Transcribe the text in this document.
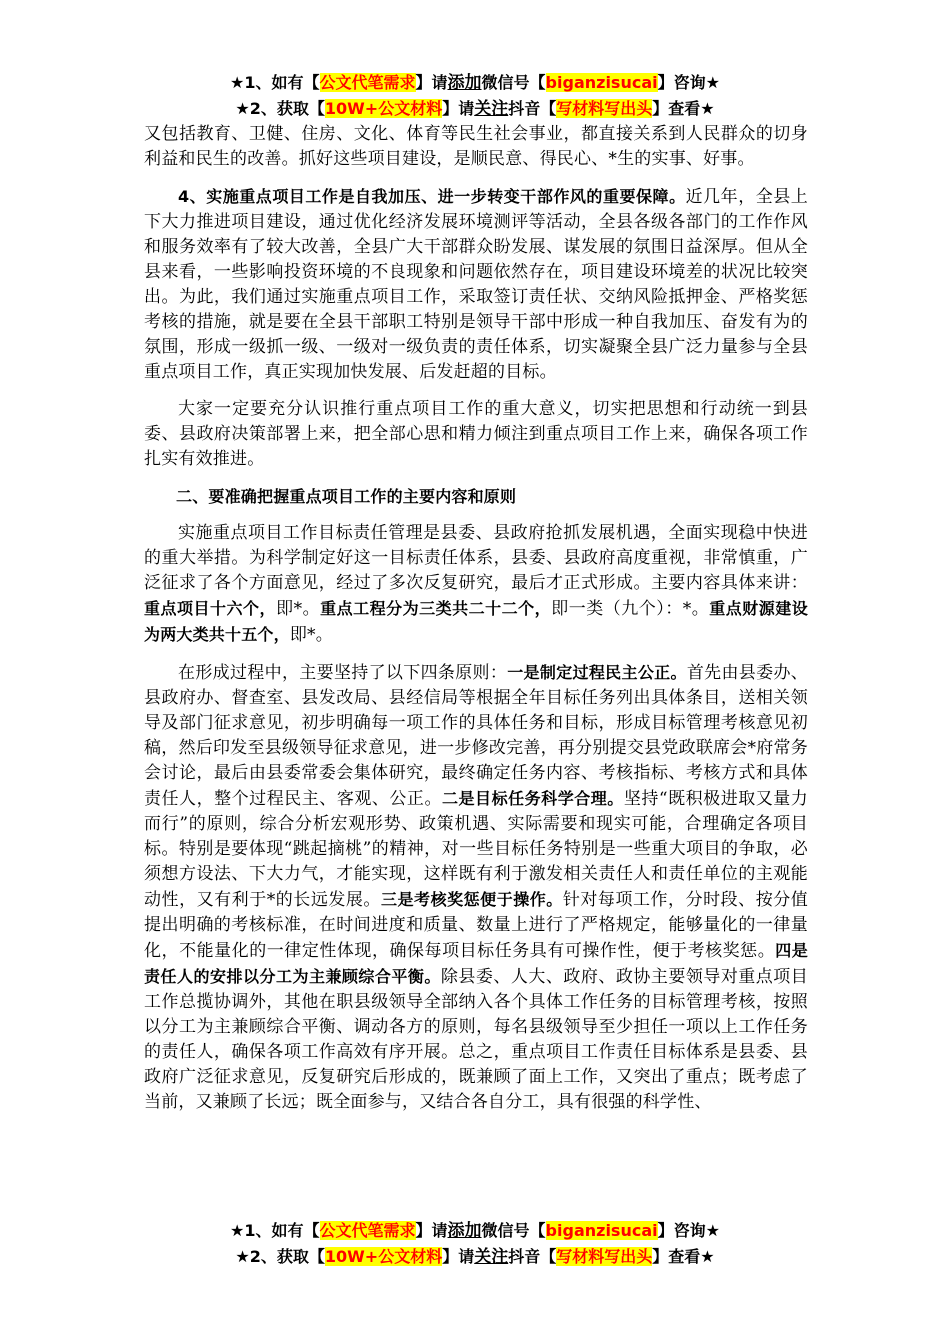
★1、如有【公文代笔需求】请添加微信号【biganzisucai】咨询★
★2、获取【10W+公文材料】请关注抖音【写材料写出头】查看★

又包括教育、卫健、住房、文化、体育等民生社会事业，都直接关系到人民群众的切身利益和民生的改善。抓好这些项目建设，是顺民意、得民心、*生的实事、好事。

4、实施重点项目工作是自我加压、进一步转变干部作风的重要保障。近几年，全县上下大力推进项目建设，通过优化经济发展环境测评等活动，全县各级各部门的工作作风和服务效率有了较大改善，全县广大干部群众盼发展、谋发展的氛围日益深厚。但从全县来看，一些影响投资环境的不良现象和问题依然存在，项目建设环境差的状况比较突出。为此，我们通过实施重点项目工作，采取签订责任状、交纳风险抵押金、严格奖惩考核的措施，就是要在全县干部职工特别是领导干部中形成一种自我加压、奋发有为的氛围，形成一级抓一级、一级对一级负责的责任体系，切实凝聚全县广泛力量参与全县重点项目工作，真正实现加快发展、后发赶超的目标。

大家一定要充分认识推行重点项目工作的重大意义，切实把思想和行动统一到县委、县政府决策部署上来，把全部心思和精力倾注到重点项目工作上来，确保各项工作扎实有效推进。

二、要准确把握重点项目工作的主要内容和原则

实施重点项目工作目标责任管理是县委、县政府抢抓发展机遇，全面实现稳中快进的重大举措。为科学制定好这一目标责任体系，县委、县政府高度重视，非常慎重，广泛征求了各个方面意见，经过了多次反复研究，最后才正式形成。主要内容具体来讲：重点项目十六个，即*。重点工程分为三类共二十二个，即一类（九个）：*。重点财源建设为两大类共十五个，即*。

在形成过程中，主要坚持了以下四条原则：一是制定过程民主公正。首先由县委办、县政府办、督查室、县发改局、县经信局等根据全年目标任务列出具体条目，送相关领导及部门征求意见，初步明确每一项工作的具体任务和目标，形成目标管理考核意见初稿，然后印发至县级领导征求意见，进一步修改完善，再分别提交县党政联席会*府常务会讨论，最后由县委常委会集体研究，最终确定任务内容、考核指标、考核方式和具体责任人，整个过程民主、客观、公正。二是目标任务科学合理。坚持“既积极进取又量力而行”的原则，综合分析宏观形势、政策机遇、实际需要和现实可能，合理确定各项目标。特别是要体现“跳起摘桃”的精神，对一些目标任务特别是一些重大项目的争取，必须想方设法、下大力气，才能实现，这样既有利于激发相关责任人和责任单位的主观能动性，又有利于*的长远发展。三是考核奖惩便于操作。针对每项工作，分时段、按分值提出明确的考核标准，在时间进度和质量、数量上进行了严格规定，能够量化的一律量化，不能量化的一律定性体现，确保每项目标任务具有可操作性，便于考核奖惩。四是责任人的安排以分工为主兼顾综合平衡。除县委、人大、政府、政协主要领导对重点项目工作总揽协调外，其他在职县级领导全部纳入各个具体工作任务的目标管理考核，按照以分工为主兼顾综合平衡、调动各方的原则，每名县级领导至少担任一项以上工作任务的责任人，确保各项工作高效有序开展。总之，重点项目工作责任目标体系是县委、县政府广泛征求意见，反复研究后形成的，既兼顾了面上工作，又突出了重点；既考虑了当前，又兼顾了长远；既全面参与，又结合各自分工，具有很强的科学性、

★1、如有【公文代笔需求】请添加微信号【biganzisucai】咨询★
★2、获取【10W+公文材料】请关注抖音【写材料写出头】查看★
